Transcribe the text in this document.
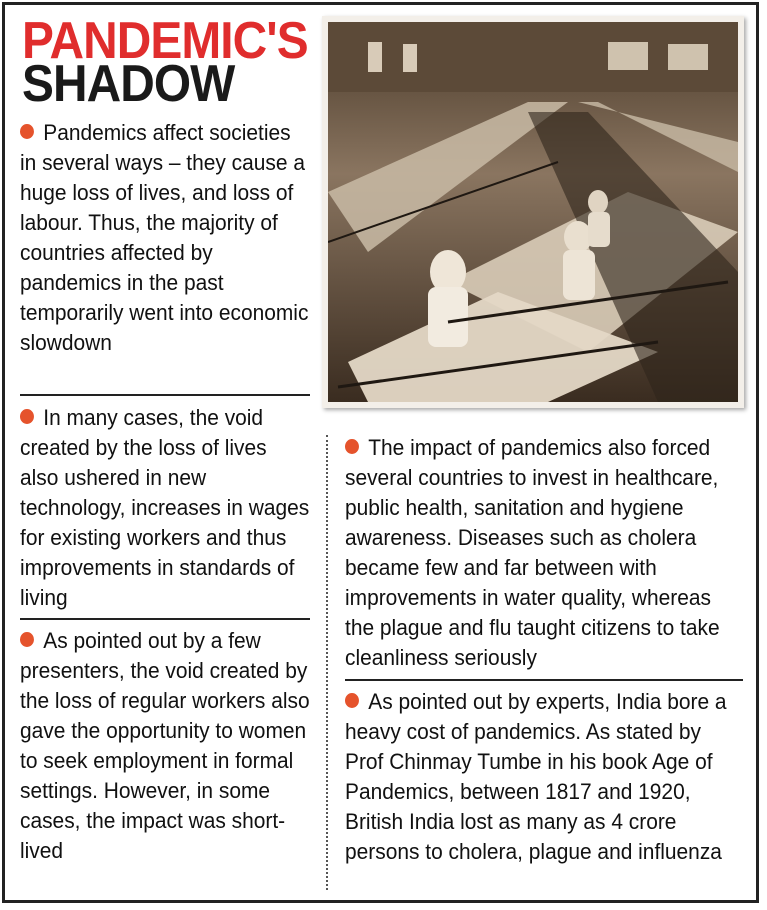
PANDEMIC'S
SHADOW

Pandemics affect societies in several ways – they cause a huge loss of lives, and loss of labour. Thus, the majority of countries affected by pandemics in the past temporarily went into economic slowdown

In many cases, the void created by the loss of lives also ushered in new technology, increases in wages for existing workers and thus improvements in standards of living

As pointed out by a few presenters, the void created by the loss of regular workers also gave the opportunity to women to seek employment in formal settings. However, in some cases, the impact was short-lived

The impact of pandemics also forced several countries to invest in healthcare, public health, sanitation and hygiene awareness. Diseases such as cholera became few and far between with improvements in water quality, whereas the plague and flu taught citizens to take cleanliness seriously

As pointed out by experts, India bore a heavy cost of pandemics. As stated by Prof Chinmay Tumbe in his book Age of Pandemics, between 1817 and 1920, British India lost as many as 4 crore persons to cholera, plague and influenza
